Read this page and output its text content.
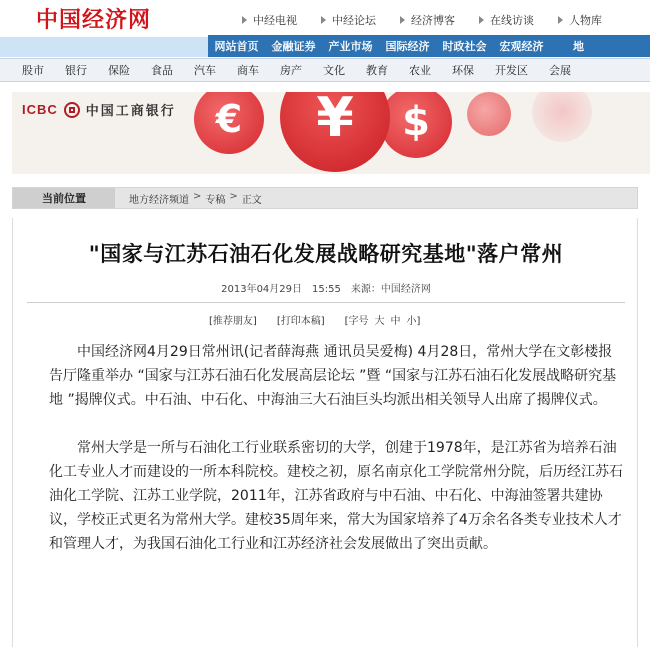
中国经济网	中经电视	中经论坛	经济博客	在线访谈	人物库
网站首页	金融证券	产业市场	国际经济	时政社会	宏观经济	地
股市 银行 保险 食品 汽车 商车 房产 文化 教育 农业 环保 开发区 会展
ICBC 中国工商银行 €	$
¥
当前位置	地方经济频道 > 专稿 > 正文
"国家与江苏石油石化发展战略研究基地"落户常州
2013年04月29日 15:55 来源：中国经济网
[推荐朋友] [打印本稿] [字号 大 中 小]

中国经济网4月29日常州讯(记者薛海燕 通讯员吴爱梅) 4月28日，常州大学在文彰楼报告厅隆重举办 “国家与江苏石油石化发展高层论坛 ”暨 “国家与江苏石油石化发展战略研究基地 ”揭牌仪式。中石油、中石化、中海油三大石油巨头均派出相关领导人出席了揭牌仪式。

常州大学是一所与石油化工行业联系密切的大学，创建于1978年，是江苏省为培养石油化工专业人才而建设的一所本科院校。建校之初，原名南京化工学院常州分院，后历经江苏石油化工学院、江苏工业学院，2011年，江苏省政府与中石油、中石化、中海油签署共建协议，学校正式更名为常州大学。建校35周年来，常大为国家培养了4万余名各类专业技术人才和管理人才，为我国石油化工行业和江苏经济社会发展做出了突出贡献。
